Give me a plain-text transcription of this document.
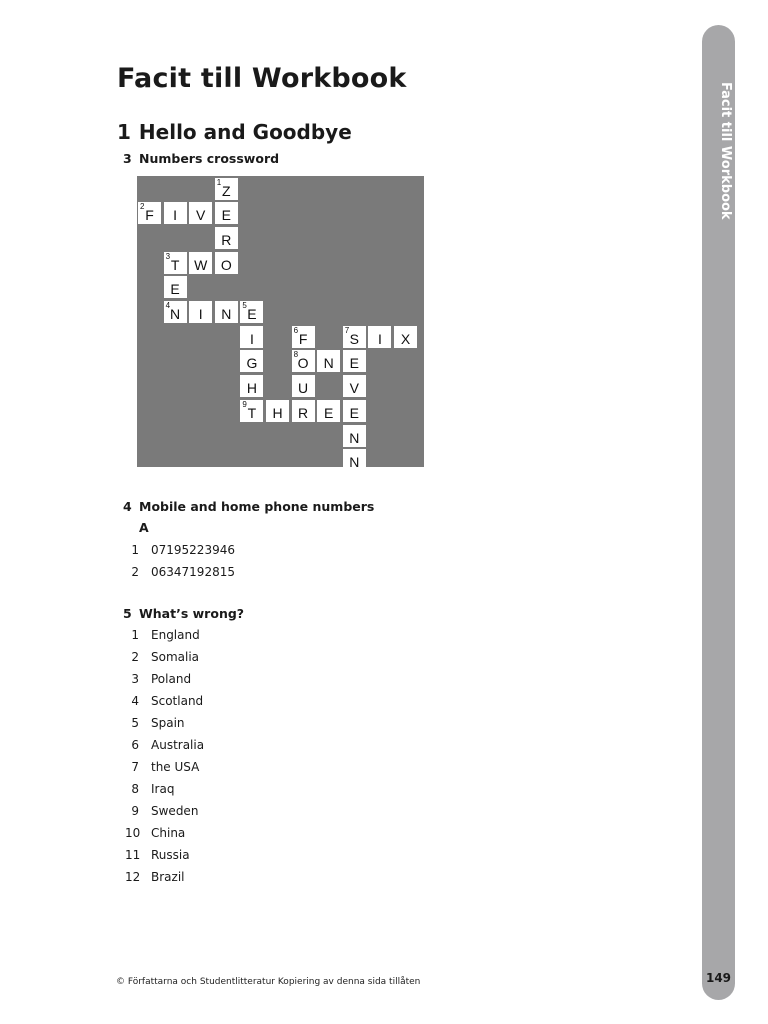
Facit till Workbook
1 Hello and Goodbye
3 Numbers crossword
1
Z
2
F I V E
R
3
T W O
E
4
N I N
5
E
I
6
F
7
S I X
G
8
O N E
H	U	V
9
T H R E E
N
N
4 Mobile and home phone numbers
A
1	07195223946
2	06347192815
5 What’s wrong?
1	England
2	Somalia
3	Poland
4	Scotland
5	Spain
6	Australia
7	the USA
8	Iraq
9	Sweden
10 China
11 Russia
12 Brazil
Facit till Workbook
149
© Författarna och Studentlitteratur Kopiering av denna sida tillåten
